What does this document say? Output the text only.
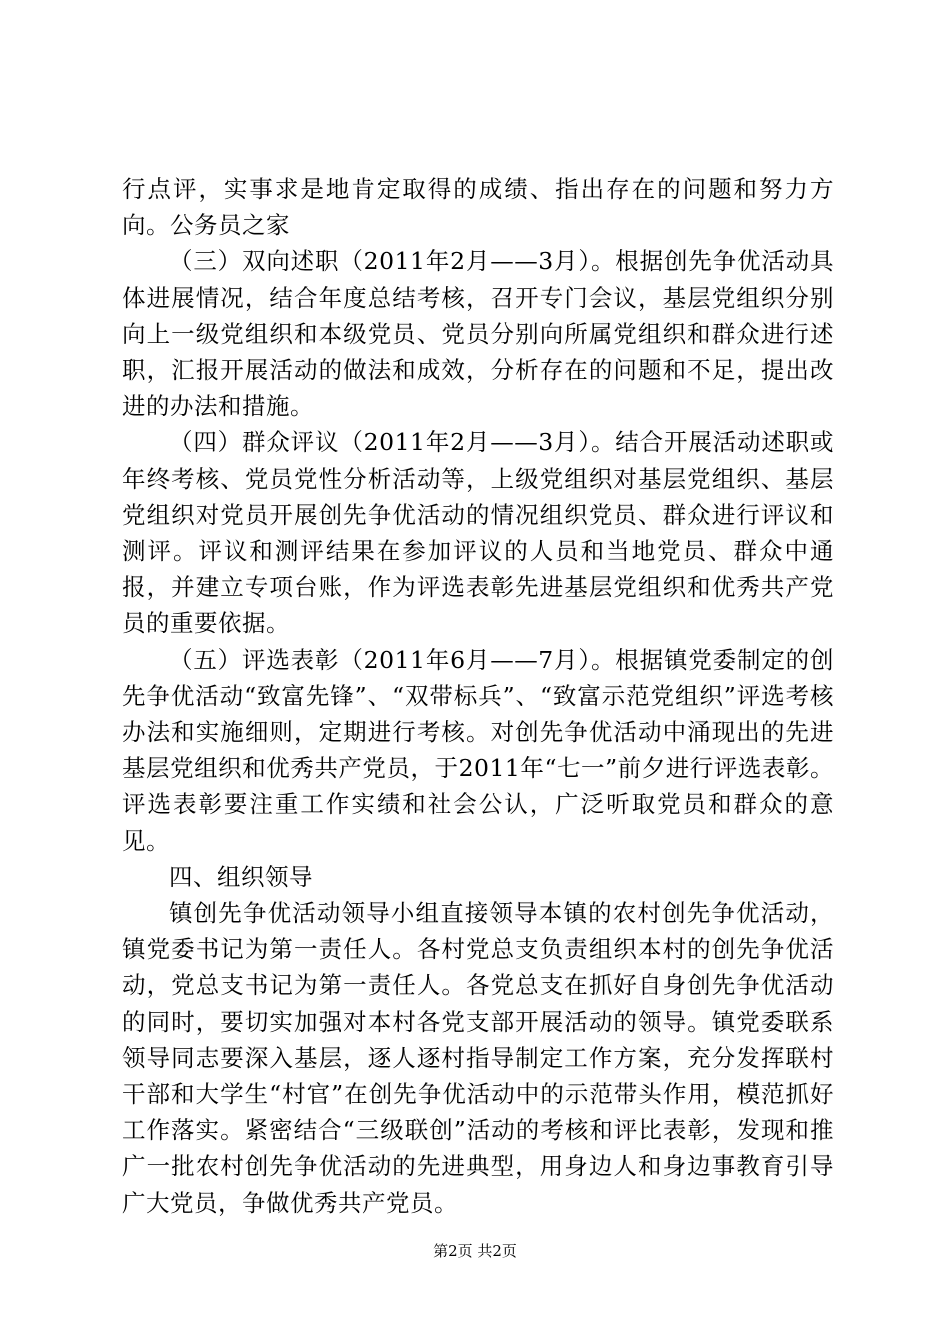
行点评，实事求是地肯定取得的成绩、指出存在的问题和努力方向。公务员之家

（三）双向述职（2011年2月——3月）。根据创先争优活动具体进展情况，结合年度总结考核，召开专门会议，基层党组织分别向上一级党组织和本级党员、党员分别向所属党组织和群众进行述职，汇报开展活动的做法和成效，分析存在的问题和不足，提出改进的办法和措施。

（四）群众评议（2011年2月——3月）。结合开展活动述职或年终考核、党员党性分析活动等，上级党组织对基层党组织、基层党组织对党员开展创先争优活动的情况组织党员、群众进行评议和测评。评议和测评结果在参加评议的人员和当地党员、群众中通报，并建立专项台账，作为评选表彰先进基层党组织和优秀共产党员的重要依据。

（五）评选表彰（2011年6月——7月）。根据镇党委制定的创先争优活动“致富先锋”、“双带标兵”、“致富示范党组织”评选考核办法和实施细则，定期进行考核。对创先争优活动中涌现出的先进基层党组织和优秀共产党员，于2011年“七一”前夕进行评选表彰。评选表彰要注重工作实绩和社会公认，广泛听取党员和群众的意见。

四、组织领导

镇创先争优活动领导小组直接领导本镇的农村创先争优活动，镇党委书记为第一责任人。各村党总支负责组织本村的创先争优活动，党总支书记为第一责任人。各党总支在抓好自身创先争优活动的同时，要切实加强对本村各党支部开展活动的领导。镇党委联系领导同志要深入基层，逐人逐村指导制定工作方案，充分发挥联村干部和大学生“村官”在创先争优活动中的示范带头作用，模范抓好工作落实。紧密结合“三级联创”活动的考核和评比表彰，发现和推广一批农村创先争优活动的先进典型，用身边人和身边事教育引导广大党员，争做优秀共产党员。

第2页 共2页
